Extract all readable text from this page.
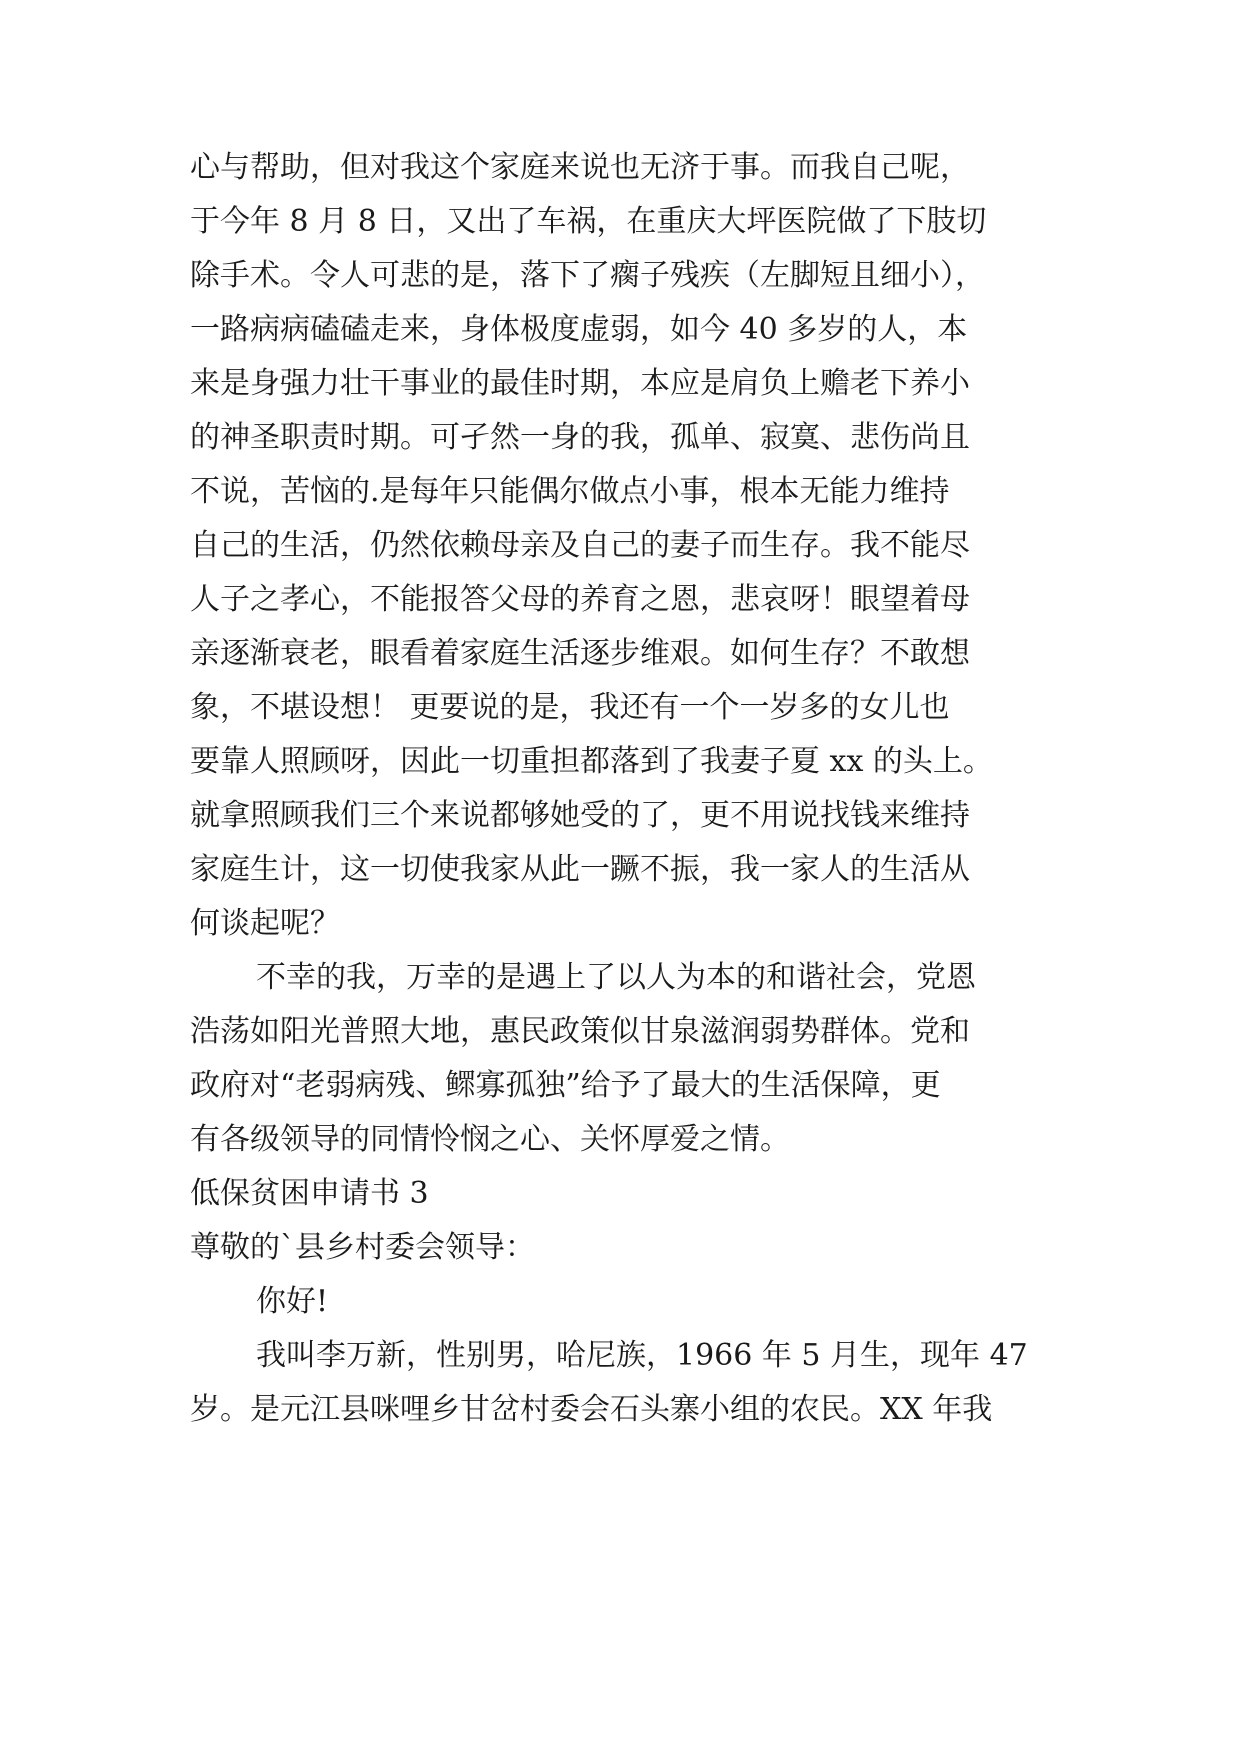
心与帮助，但对我这个家庭来说也无济于事。而我自己呢，
于今年 8 月 8 日，又出了车祸，在重庆大坪医院做了下肢切
除手术。令人可悲的是，落下了瘸子残疾（左脚短且细小），
一路病病磕磕走来，身体极度虚弱，如今 40 多岁的人，本
来是身强力壮干事业的最佳时期，本应是肩负上赡老下养小
的神圣职责时期。可孑然一身的我，孤单、寂寞、悲伤尚且
不说，苦恼的.是每年只能偶尔做点小事，根本无能力维持
自己的生活，仍然依赖母亲及自己的妻子而生存。我不能尽
人子之孝心，不能报答父母的养育之恩，悲哀呀！眼望着母
亲逐渐衰老，眼看着家庭生活逐步维艰。如何生存？不敢想
象，不堪设想！ 更要说的是，我还有一个一岁多的女儿也
要靠人照顾呀，因此一切重担都落到了我妻子夏 xx 的头上。
就拿照顾我们三个来说都够她受的了，更不用说找钱来维持
家庭生计，这一切使我家从此一蹶不振，我一家人的生活从
何谈起呢？
不幸的我，万幸的是遇上了以人为本的和谐社会，党恩
浩荡如阳光普照大地，惠民政策似甘泉滋润弱势群体。党和
政府对“老弱病残、鳏寡孤独”给予了最大的生活保障，更
有各级领导的同情怜悯之心、关怀厚爱之情。
低保贫困申请书 3
尊敬的`县乡村委会领导：
你好!
我叫李万新，性别男，哈尼族，1966 年 5 月生，现年 47
岁。是元江县咪哩乡甘岔村委会石头寨小组的农民。XX 年我
